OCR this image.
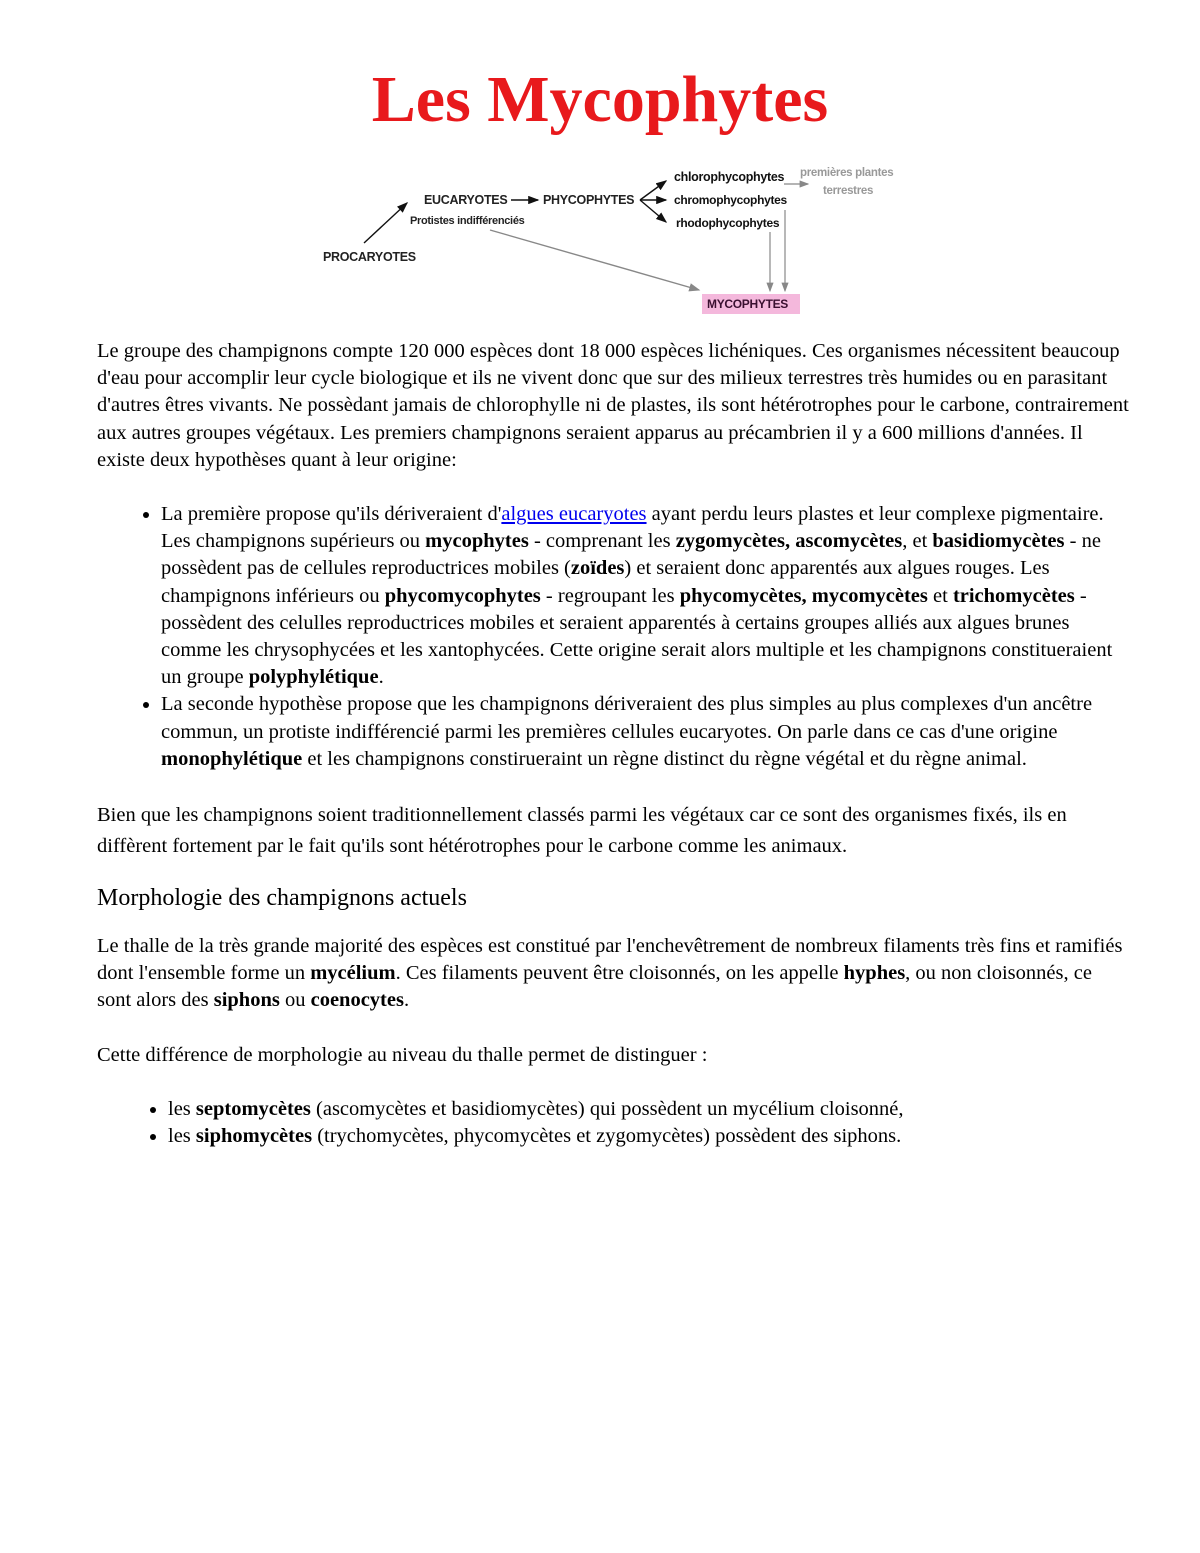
Les Mycophytes
PROCARYOTES
EUCARYOTES
Protistes indifférenciés
PHYCOPHYTES
chlorophycophytes
chromophycophytes
rhodophycophytes
premières plantes
terrestres
MYCOPHYTES

Le groupe des champignons compte 120 000 espèces dont 18 000 espèces lichéniques. Ces organismes nécessitent beaucoup d'eau pour accomplir leur cycle biologique et ils ne vivent donc que sur des milieux terrestres très humides ou en parasitant d'autres êtres vivants. Ne possèdant jamais de chlorophylle ni de plastes, ils sont hétérotrophes pour le carbone, contrairement aux autres groupes végétaux. Les premiers champignons seraient apparus au précambrien il y a 600 millions d'années. Il existe deux hypothèses quant à leur origine:

• La première propose qu'ils dériveraient d'algues eucaryotes ayant perdu leurs plastes et leur complexe pigmentaire. Les champignons supérieurs ou mycophytes - comprenant les zygomycètes, ascomycètes, et basidiomycètes - ne possèdent pas de cellules reproductrices mobiles (zoïdes) et seraient donc apparentés aux algues rouges. Les champignons inférieurs ou phycomycophytes - regroupant les phycomycètes, mycomycètes et trichomycètes - possèdent des celulles reproductrices mobiles et seraient apparentés à certains groupes alliés aux algues brunes comme les chrysophycées et les xantophycées. Cette origine serait alors multiple et les champignons constitueraient un groupe polyphylétique.
• La seconde hypothèse propose que les champignons dériveraient des plus simples au plus complexes d'un ancêtre commun, un protiste indifférencié parmi les premières cellules eucaryotes. On parle dans ce cas d'une origine monophylétique et les champignons constirueraint un règne distinct du règne végétal et du règne animal.

Bien que les champignons soient traditionnellement classés parmi les végétaux car ce sont des organismes fixés, ils en diffèrent fortement par le fait qu'ils sont hétérotrophes pour le carbone comme les animaux.

Morphologie des champignons actuels

Le thalle de la très grande majorité des espèces est constitué par l'enchevêtrement de nombreux filaments très fins et ramifiés dont l'ensemble forme un mycélium. Ces filaments peuvent être cloisonnés, on les appelle hyphes, ou non cloisonnés, ce sont alors des siphons ou coenocytes.

Cette différence de morphologie au niveau du thalle permet de distinguer :

• les septomycètes (ascomycètes et basidiomycètes) qui possèdent un mycélium cloisonné,
• les siphomycètes (trychomycètes, phycomycètes et zygomycètes) possèdent des siphons.
